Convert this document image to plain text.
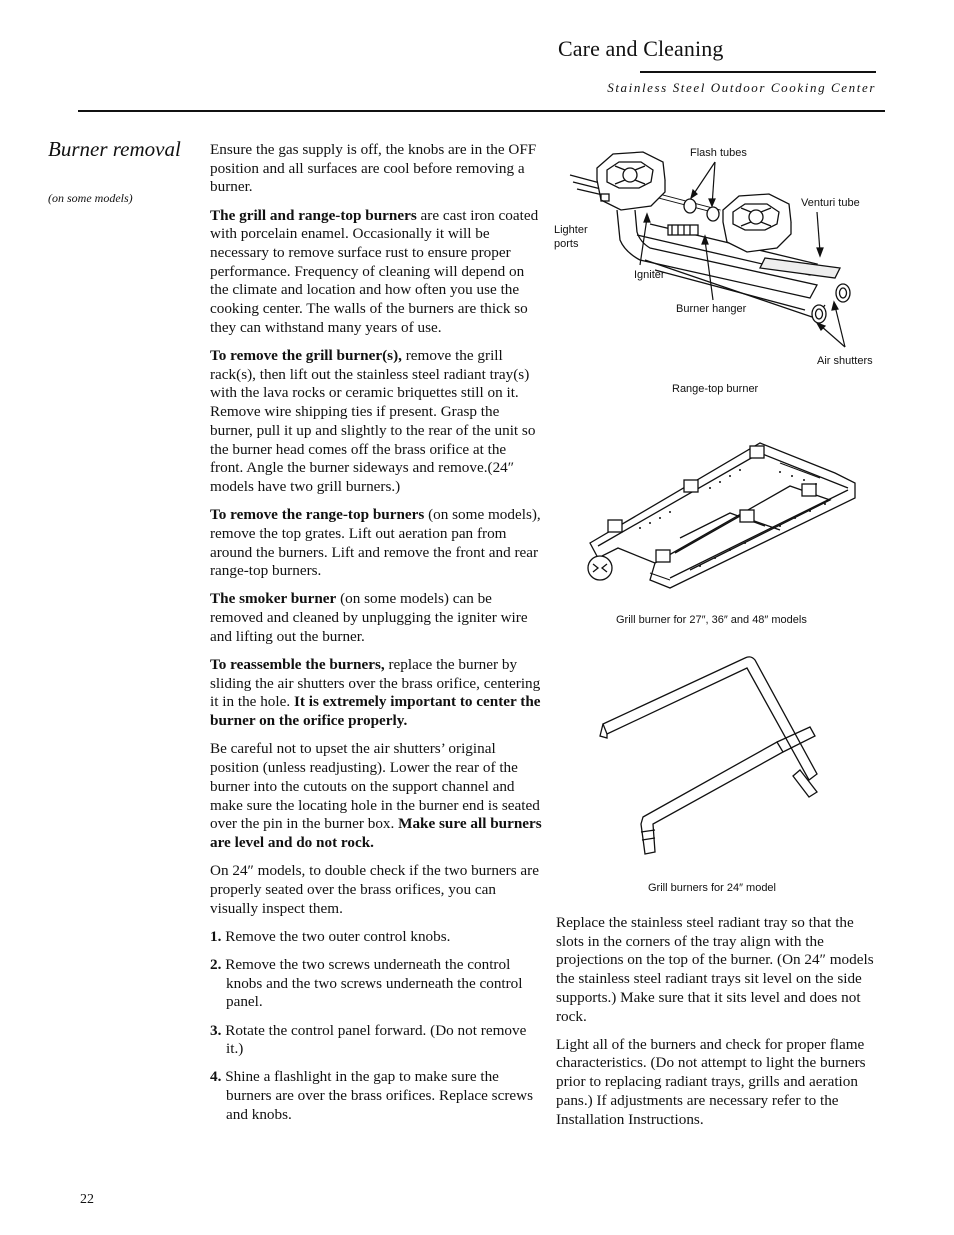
Care and Cleaning
Stainless Steel Outdoor Cooking Center
Burner removal
(on some models)

Ensure the gas supply is off, the knobs are in the OFF position and all surfaces are cool before removing a burner.

The grill and range-top burners are cast iron coated with porcelain enamel. Occasionally it will be necessary to remove surface rust to ensure proper performance. Frequency of cleaning will depend on the climate and location and how often you use the cooking center. The walls of the burners are thick so they can withstand many years of use.

To remove the grill burner(s), remove the grill rack(s), then lift out the stainless steel radiant tray(s) with the lava rocks or ceramic briquettes still on it. Remove wire shipping ties if present. Grasp the burner, pull it up and slightly to the rear of the unit so the burner head comes off the brass orifice at the front. Angle the burner sideways and remove.(24″ models have two grill burners.)

To remove the range-top burners (on some models), remove the top grates. Lift out aeration pan from around the burners. Lift and remove the front and rear range-top burners.

The smoker burner (on some models) can be removed and cleaned by unplugging the igniter wire and lifting out the burner.

To reassemble the burners, replace the burner by sliding the air shutters over the brass orifice, centering it in the hole. It is extremely important to center the burner on the orifice properly.

Be careful not to upset the air shutters’ original position (unless readjusting). Lower the rear of the burner into the cutouts on the support channel and make sure the locating hole in the burner end is seated over the pin in the burner box. Make sure all burners are level and do not rock.

On 24″ models, to double check if the two burners are properly seated over the brass orifices, you can visually inspect them.

1. Remove the two outer control knobs.

2. Remove the two screws underneath the control knobs and the two screws underneath the control panel.

3. Rotate the control panel forward. (Do not remove it.)

4. Shine a flashlight in the gap to make sure the burners are over the brass orifices. Replace screws and knobs.

Flash tubes
Venturi tube
Lighter ports
Igniter
Burner hanger
Air shutters
Range-top burner
Grill burner for 27″, 36″ and 48″ models
Grill burners for 24″ model

Replace the stainless steel radiant tray so that the slots in the corners of the tray align with the projections on the top of the burner. (On 24″ models the stainless steel radiant trays sit level on the side supports.) Make sure that it sits level and does not rock.

Light all of the burners and check for proper flame characteristics. (Do not attempt to light the burners prior to replacing radiant trays, grills and aeration pans.) If adjustments are necessary refer to the Installation Instructions.

22
